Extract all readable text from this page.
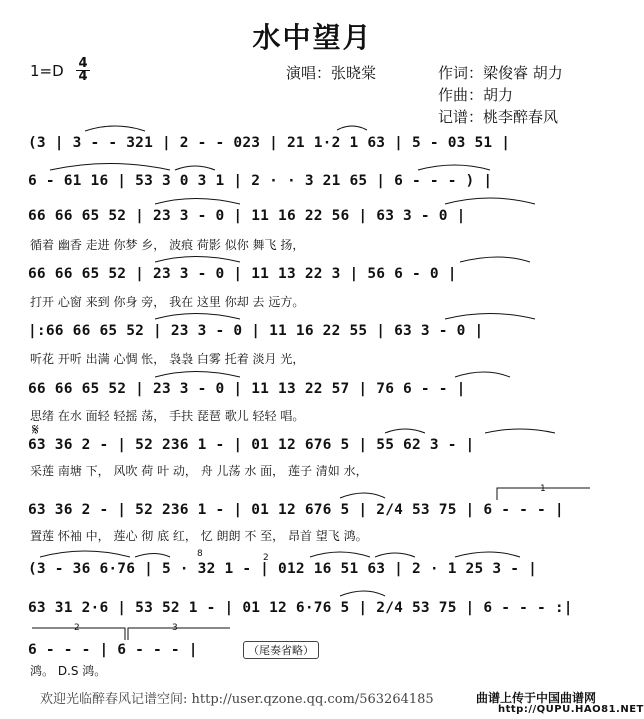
水中望月
演唱：张晓棠	作词：梁俊睿 胡力
作曲：胡力
记谱：桃李醉春风
$1=D \frac{4}{4}$
(3 | 3 - - 321 | 2 - - 023 | 21 1·2 1 63 | 5 - 03 51 |
6 - 61 16 | 53 3 0 3 1 | 2 · · 3 21 65 | 6 - - - ) |
66 66 65 52 | 23 3 - 0 | 11 16 22 56 | 63 3 - 0 |
循着 幽香 走进 你梦 乡， 波痕 荷影 似你 舞飞 扬，
66 66 65 52 | 23 3 - 0 | 11 13 22 3 | 56 6 - 0 |
打开 心窗 来到 你身 旁， 我在 这里 你却 去 远方。
|:66 66 65 52 | 23 3 - 0 | 11 16 22 55 | 63 3 - 0 |
听花 开听 出满 心惆 怅， 袅袅 白雾 托着 淡月 光，
66 66 65 52 | 23 3 - 0 | 11 13 22 57 | 76 6 - - |
思绪 在水 面轻 轻摇 荡， 手扶 琵琶 歌儿 轻轻 唱。
𝄋
63 36 2 - | 52 236 1 - | 01 12 676 5 | 55 62 3 - |
采莲 南塘 下， 风吹 荷 叶 动， 舟 儿荡 水 面， 莲子 清如 水，
1
63 36 2 - | 52 236 1 - | 01 12 676 5 | 2/4 53 75 | 6 - - - |
置莲 怀袖 中， 莲心 彻 底 红， 忆 朗朗 不 至， 昂首 望飞 鸿。
8	2
(3 - 36 6·76 | 5 · 32 1 - | 012 16 51 63 | 2 · 1 25 3 - |
63 31 2·6 | 53 52 1 - | 01 12 6·76 5 | 2/4 53 75 | 6 - - - :|
2	3
6 - - - | 6 - - - |	（尾奏省略）
鸿。 D.S 鸿。
欢迎光临醉春风记谱空间: http://user.qzone.qq.com/563264185	曲谱上传于中国曲谱网
http://QUPU.HAO81.NET
